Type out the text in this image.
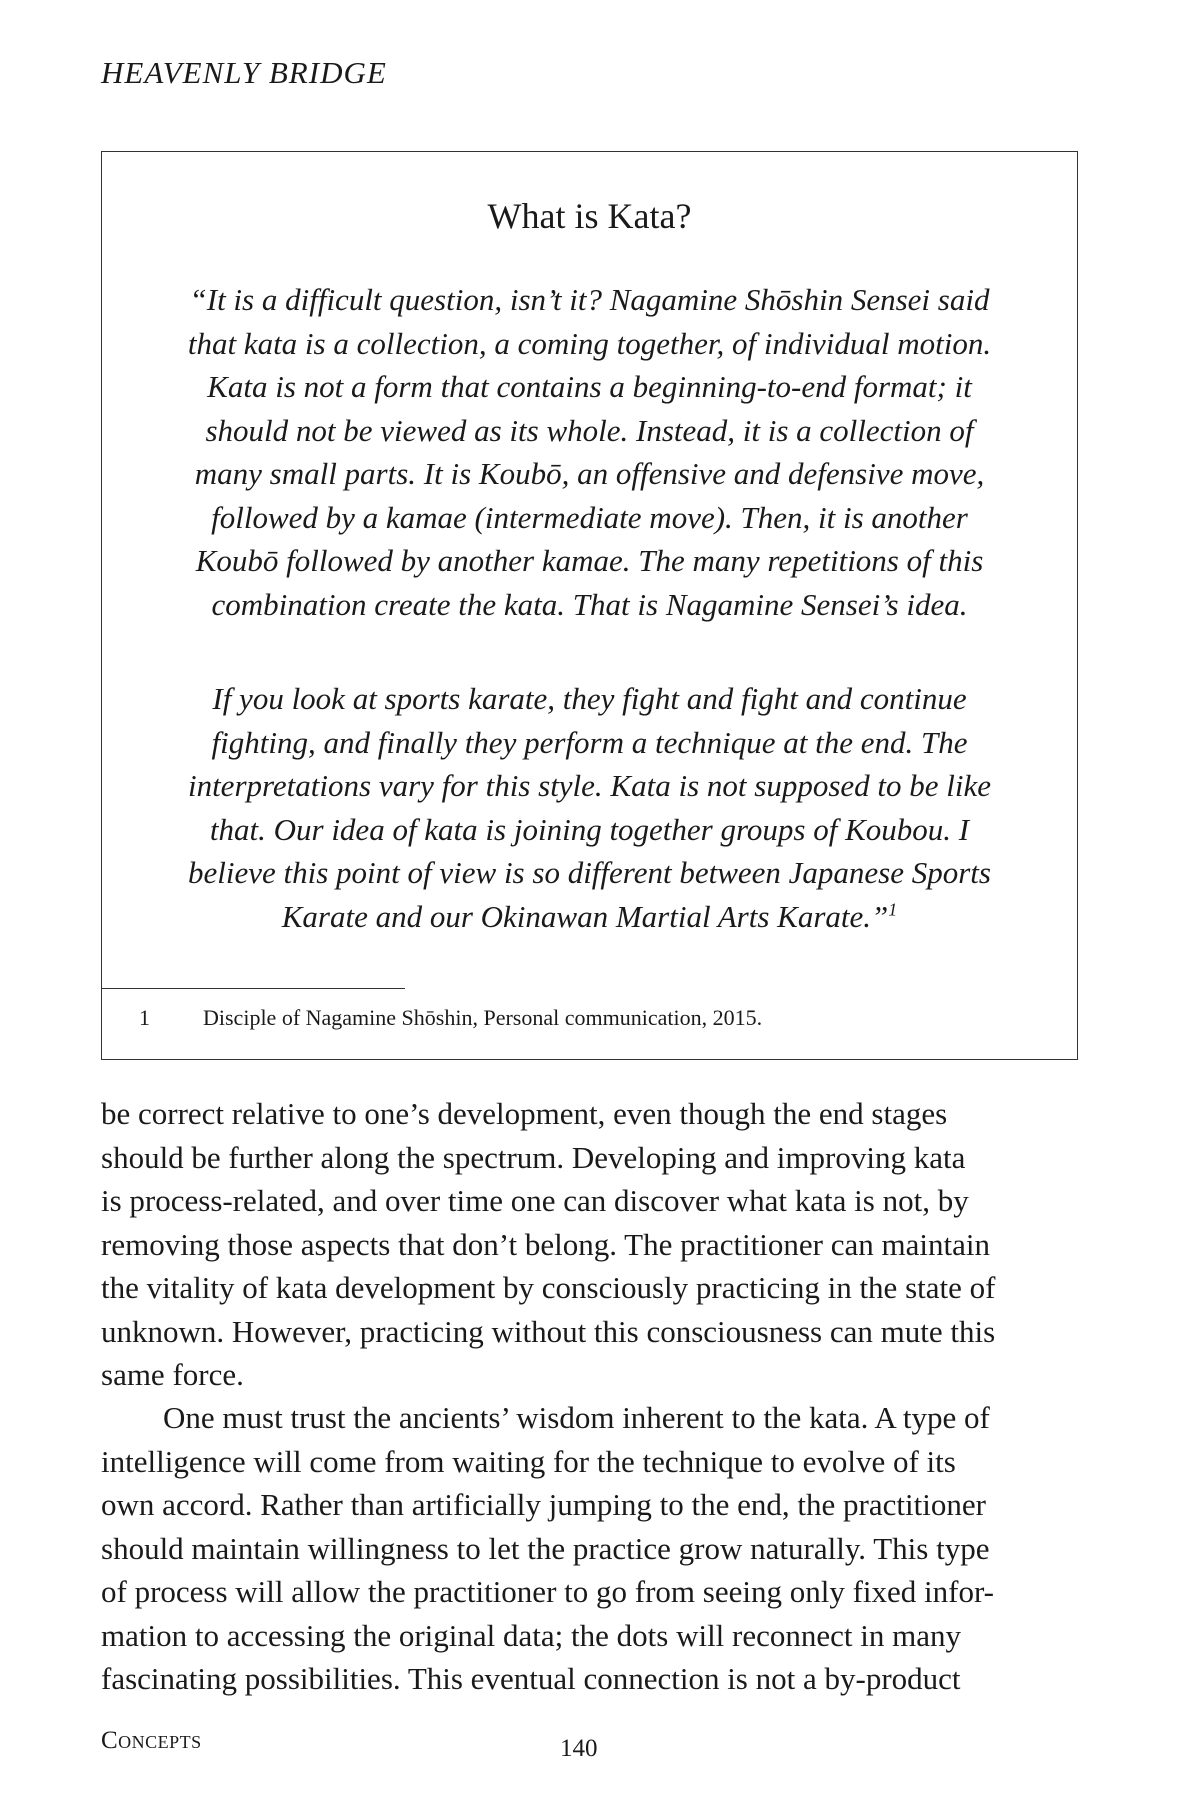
HEAVENLY BRIDGE

What is Kata?

“It is a difficult question, isn’t it? Nagamine Shōshin Sensei said
that kata is a collection, a coming together, of individual motion.
Kata is not a form that contains a beginning-to-end format; it
should not be viewed as its whole. Instead, it is a collection of
many small parts. It is Koubō, an offensive and defensive move,
followed by a kamae (intermediate move). Then, it is another
Koubō followed by another kamae. The many repetitions of this
combination create the kata. That is Nagamine Sensei’s idea.

If you look at sports karate, they fight and fight and continue
fighting, and finally they perform a technique at the end. The
interpretations vary for this style. Kata is not supposed to be like
that. Our idea of kata is joining together groups of Koubou. I
believe this point of view is so different between Japanese Sports
Karate and our Okinawan Martial Arts Karate.”$^1$

1 Disciple of Nagamine Shōshin, Personal communication, 2015.

be correct relative to one’s development, even though the end stages
should be further along the spectrum. Developing and improving kata
is process-related, and over time one can discover what kata is not, by
removing those aspects that don’t belong. The practitioner can maintain
the vitality of kata development by consciously practicing in the state of
unknown. However, practicing without this consciousness can mute this
same force.

One must trust the ancients’ wisdom inherent to the kata. A type of
intelligence will come from waiting for the technique to evolve of its
own accord. Rather than artificially jumping to the end, the practitioner
should maintain willingness to let the practice grow naturally. This type
of process will allow the practitioner to go from seeing only fixed infor-
mation to accessing the original data; the dots will reconnect in many
fascinating possibilities. This eventual connection is not a by-product

Concepts	140
